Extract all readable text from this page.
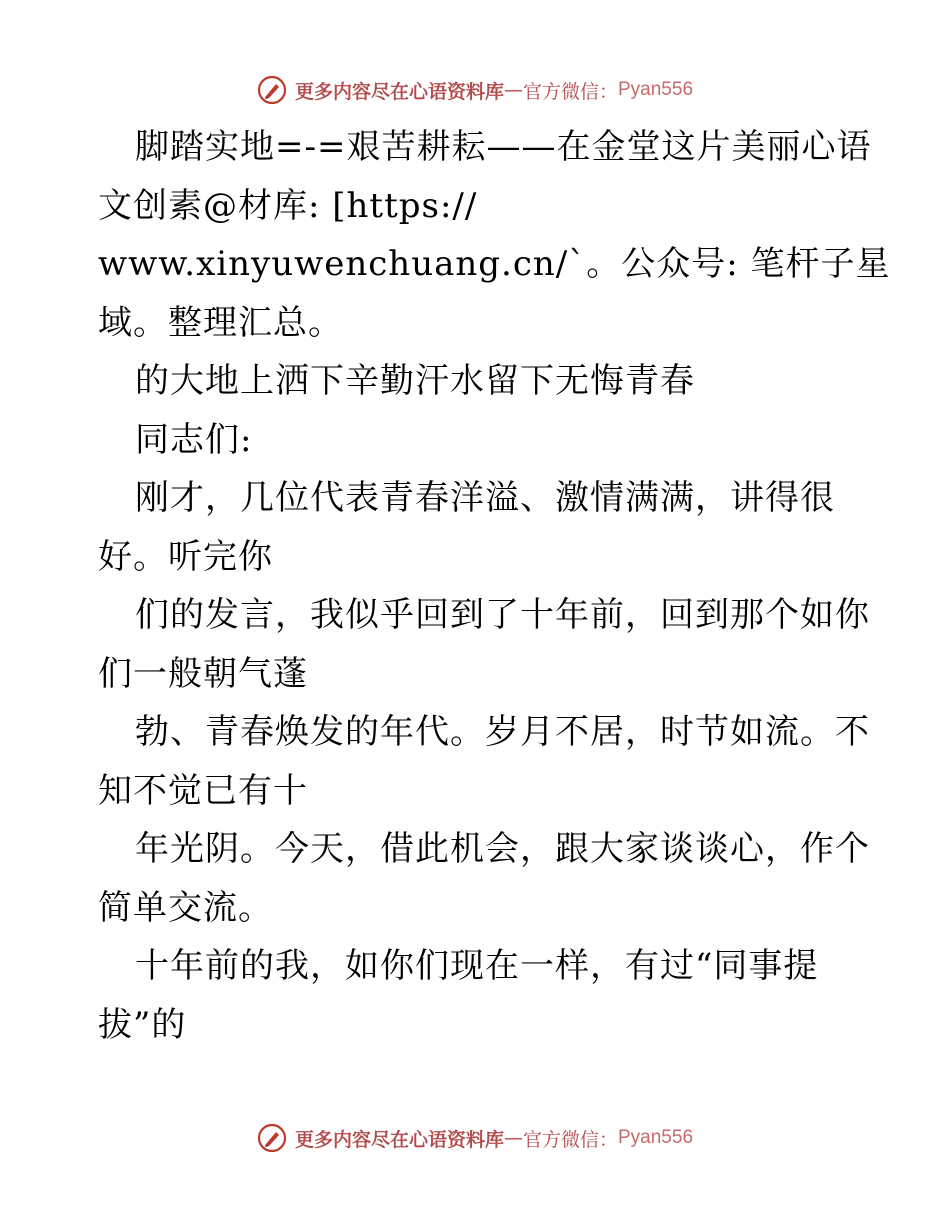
更多内容尽在心语资料库 — 官方微信： Pyan556
脚踏实地=-=艰苦耕耘——在金堂这片美丽心语
文创素@材库: [https://
www.xinyuwenchuang.cn/`。公众号: 笔杆子星
域。整理汇总。
的大地上洒下辛勤汗水留下无悔青春
同志们:
刚才，几位代表青春洋溢、激情满满，讲得很
好。听完你
们的发言，我似乎回到了十年前，回到那个如你
们一般朝气蓬
勃、青春焕发的年代。岁月不居，时节如流。不
知不觉已有十
年光阴。今天，借此机会，跟大家谈谈心，作个
简单交流。
十年前的我，如你们现在一样，有过“同事提
拔”的
更多内容尽在心语资料库 — 官方微信： Pyan556
